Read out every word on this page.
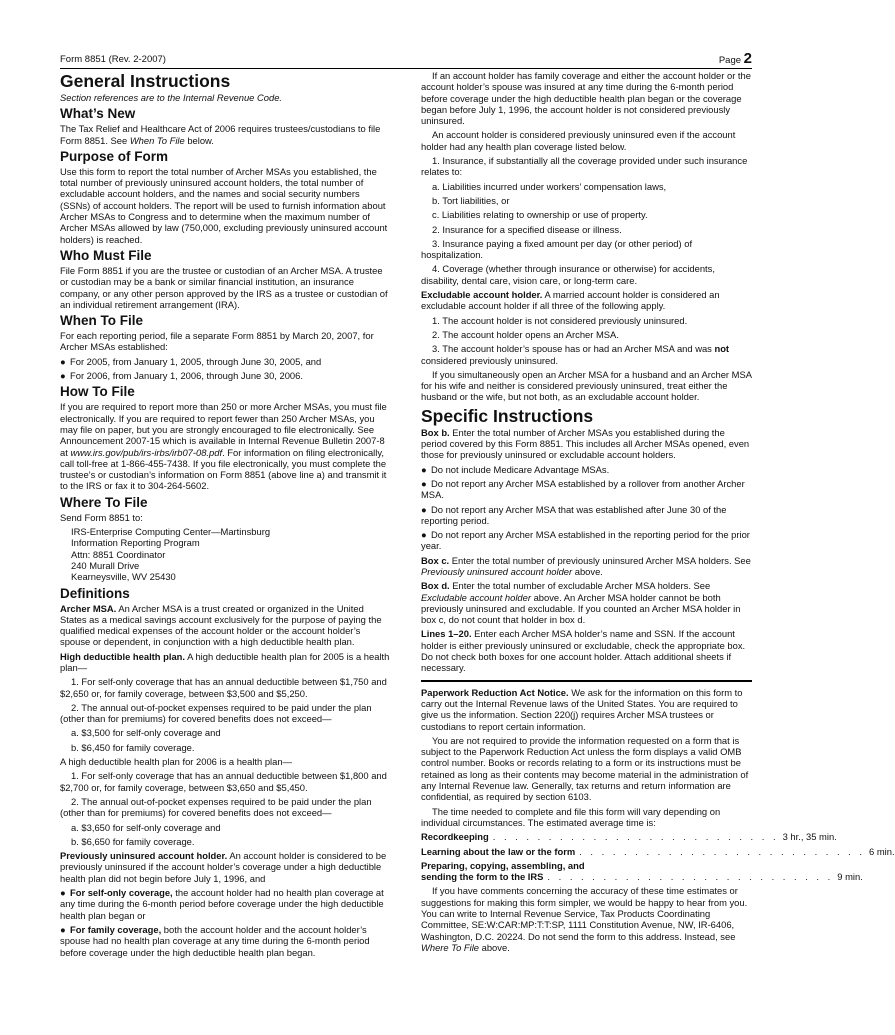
Form 8851 (Rev. 2-2007)	Page 2
General Instructions

Section references are to the Internal Revenue Code.

What’s New

The Tax Relief and Healthcare Act of 2006 requires trustees/custodians to file Form 8851. See When To File below.

Purpose of Form

Use this form to report the total number of Archer MSAs you established, the total number of previously uninsured account holders, the total number of excludable account holders, and the names and social security numbers (SSNs) of account holders. The report will be used to furnish information about Archer MSAs to Congress and to determine when the maximum number of Archer MSAs allowed by law (750,000, excluding previously uninsured account holders) is reached.

Who Must File

File Form 8851 if you are the trustee or custodian of an Archer MSA. A trustee or custodian may be a bank or similar financial institution, an insurance company, or any other person approved by the IRS as a trustee or custodian of an individual retirement arrangement (IRA).

When To File

For each reporting period, file a separate Form 8851 by March 20, 2007, for Archer MSAs established:

● For 2005, from January 1, 2005, through June 30, 2005, and

● For 2006, from January 1, 2006, through June 30, 2006.

How To File

If you are required to report more than 250 or more Archer MSAs, you must file electronically. If you are required to report fewer than 250 Archer MSAs, you may file on paper, but you are strongly encouraged to file electronically. See Announcement 2007-15 which is available in Internal Revenue Bulletin 2007-8 at www.irs.gov/pub/irs-irbs/irb07-08.pdf. For information on filing electronically, call toll-free at 1-866-455-7438. If you file electronically, you must complete the trustee’s or custodian’s information on Form 8851 (above line a) and transmit it to the IRS or fax it to 304-264-5602.

Where To File

Send Form 8851 to:

IRS-Enterprise Computing Center—Martinsburg
Information Reporting Program
Attn: 8851 Coordinator
240 Murall Drive
Kearneysville, WV 25430
Definitions

Archer MSA. An Archer MSA is a trust created or organized in the United States as a medical savings account exclusively for the purpose of paying the qualified medical expenses of the account holder or the account holder’s spouse or dependent, in conjunction with a high deductible health plan.

High deductible health plan. A high deductible health plan for 2005 is a health plan—

1. For self-only coverage that has an annual deductible between $1,750 and $2,650 or, for family coverage, between $3,500 and $5,250.

2. The annual out-of-pocket expenses required to be paid under the plan (other than for premiums) for covered benefits does not exceed—

a. $3,500 for self-only coverage and

b. $6,450 for family coverage.

A high deductible health plan for 2006 is a health plan—

1. For self-only coverage that has an annual deductible between $1,800 and $2,700 or, for family coverage, between $3,650 and $5,450.

2. The annual out-of-pocket expenses required to be paid under the plan (other than for premiums) for covered benefits does not exceed—

a. $3,650 for self-only coverage and

b. $6,650 for family coverage.

Previously uninsured account holder. An account holder is considered to be previously uninsured if the account holder’s coverage under a high deductible health plan did not begin before July 1, 1996, and

● For self-only coverage, the account holder had no health plan coverage at any time during the 6-month period before coverage under the high deductible health plan began or

● For family coverage, both the account holder and the account holder’s spouse had no health plan coverage at any time during the 6-month period before coverage under the high deductible health plan began.

If an account holder has family coverage and either the account holder or the account holder’s spouse was insured at any time during the 6-month period before coverage under the high deductible health plan began or the coverage began before July 1, 1996, the account holder is not considered previously uninsured.

An account holder is considered previously uninsured even if the account holder had any health plan coverage listed below.

1. Insurance, if substantially all the coverage provided under such insurance relates to:

a. Liabilities incurred under workers’ compensation laws,

b. Tort liabilities, or

c. Liabilities relating to ownership or use of property.

2. Insurance for a specified disease or illness.

3. Insurance paying a fixed amount per day (or other period) of hospitalization.

4. Coverage (whether through insurance or otherwise) for accidents, disability, dental care, vision care, or long-term care.

Excludable account holder. A married account holder is considered an excludable account holder if all three of the following apply.

1. The account holder is not considered previously uninsured.

2. The account holder opens an Archer MSA.

3. The account holder’s spouse has or had an Archer MSA and was not considered previously uninsured.

If you simultaneously open an Archer MSA for a husband and an Archer MSA for his wife and neither is considered previously uninsured, treat either the husband or the wife, but not both, as an excludable account holder.

Specific Instructions

Box b. Enter the total number of Archer MSAs you established during the period covered by this Form 8851. This includes all Archer MSAs opened, even those for previously uninsured or excludable account holders.

● Do not include Medicare Advantage MSAs.

● Do not report any Archer MSA established by a rollover from another Archer MSA.

● Do not report any Archer MSA that was established after June 30 of the reporting period.

● Do not report any Archer MSA established in the reporting period for the prior year.

Box c. Enter the total number of previously uninsured Archer MSA holders. See Previously uninsured account holder above.

Box d. Enter the total number of excludable Archer MSA holders. See Excludable account holder above. An Archer MSA holder cannot be both previously uninsured and excludable. If you counted an Archer MSA holder in box c, do not count that holder in box d.

Lines 1–20. Enter each Archer MSA holder’s name and SSN. If the account holder is either previously uninsured or excludable, check the appropriate box. Do not check both boxes for one account holder. Attach additional sheets if necessary.

Paperwork Reduction Act Notice. We ask for the information on this form to carry out the Internal Revenue laws of the United States. You are required to give us the information. Section 220(j) requires Archer MSA trustees or custodians to report certain information.

You are not required to provide the information requested on a form that is subject to the Paperwork Reduction Act unless the form displays a valid OMB control number. Books or records relating to a form or its instructions must be retained as long as their contents may become material in the administration of any Internal Revenue law. Generally, tax returns and return information are confidential, as required by section 6103.

The time needed to complete and file this form will vary depending on individual circumstances. The estimated average time is:

Recordkeeping . . . . . . . . . . . . . . . . . . . . . . . . . . 3 hr., 35 min.
Learning about the law or the form . . . . . . . . . . . . . . . . . . . . . . . . . . 6 min.
Preparing, copying, assembling, and
sending the form to the IRS . . . . . . . . . . . . . . . . . . . . . . . . . . 9 min.

If you have comments concerning the accuracy of these time estimates or suggestions for making this form simpler, we would be happy to hear from you. You can write to Internal Revenue Service, Tax Products Coordinating Committee, SE:W:CAR:MP:T:T:SP, 1111 Constitution Avenue, NW, IR-6406, Washington, D.C. 20224. Do not send the form to this address. Instead, see Where To File above.
